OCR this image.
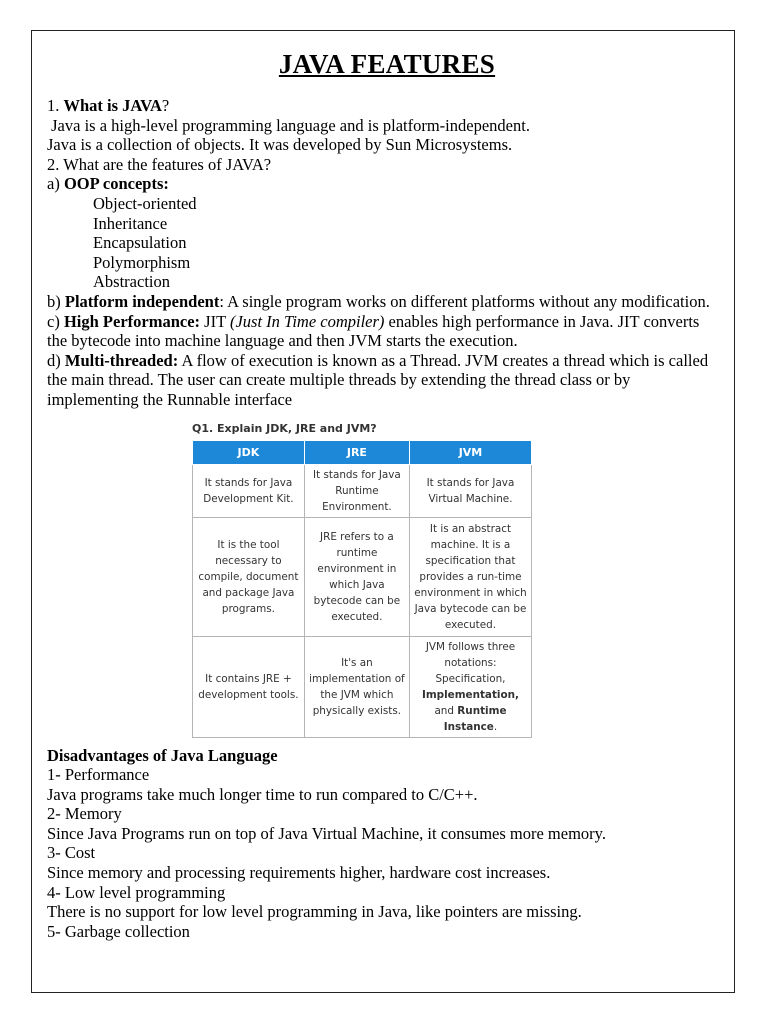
JAVA FEATURES

1. What is JAVA?

Java is a high-level programming language and is platform-independent.

Java is a collection of objects. It was developed by Sun Microsystems.

2. What are the features of JAVA?

a) OOP concepts:

Object-oriented

Inheritance

Encapsulation

Polymorphism

Abstraction

b) Platform independent: A single program works on different platforms without any modification.

c) High Performance: JIT (Just In Time compiler) enables high performance in Java. JIT converts the bytecode into machine language and then JVM starts the execution.

d) Multi-threaded: A flow of execution is known as a Thread. JVM creates a thread which is called the main thread. The user can create multiple threads by extending the thread class or by implementing the Runnable interface

Q1. Explain JDK, JRE and JVM?
JDK	JRE	JVM
It stands for Java Development Kit.	It stands for Java Runtime Environment.	It stands for Java Virtual Machine.
It is the tool necessary to compile, document and package Java programs.	JRE refers to a runtime environment in which Java bytecode can be executed.	It is an abstract machine. It is a specification that provides a run-time environment in which Java bytecode can be executed.
It contains JRE + development tools.	It's an implementation of the JVM which physically exists.	JVM follows three notations: Specification, Implementation, and Runtime Instance.

Disadvantages of Java Language

1- Performance

Java programs take much longer time to run compared to C/C++.

2- Memory

Since Java Programs run on top of Java Virtual Machine, it consumes more memory.

3- Cost

Since memory and processing requirements higher, hardware cost increases.

4- Low level programming

There is no support for low level programming in Java, like pointers are missing.

5- Garbage collection
